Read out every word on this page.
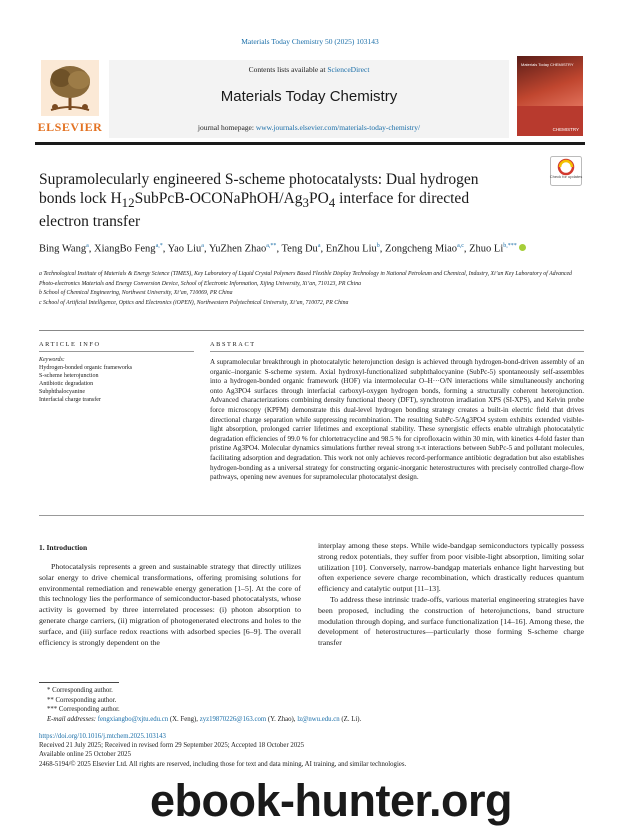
Materials Today Chemistry 50 (2025) 103143
ELSEVIER
Contents lists available at ScienceDirect
Materials Today Chemistry
journal homepage: www.journals.elsevier.com/materials-today-chemistry/
Materials Today CHEMISTRY
CHEMISTRY
Supramolecularly engineered S-scheme photocatalysts: Dual hydrogen bonds lock $H_{12}SubPcB-OCONaPhOH/Ag_3PO_4$ interface for directed electron transfer
Check for updates
Bing Wang$^a$, XiangBo Feng$^{a,*}$, Yao Liu$^a$, YuZhen Zhao$^{a,**}$, Teng Du$^a$, EnZhou Liu$^b$, Zongcheng Miao$^{a,c}$, Zhuo $Li^{b,***}$
a Technological Institute of Materials & Energy Science (TIMES), Key Laboratory of Liquid Crystal Polymers Based Flexible Display Technology in National Petroleum and Chemical, Industry, Xi’an Key Laboratory of Advanced Photo-electronics Materials and Energy Conversion Device, School of Electronic Information, Xijing University, Xi’an, 710123, PR China
b School of Chemical Engineering, Northwest University, Xi’an, 710069, PR China
c School of Artificial Intelligence, Optics and Electronics (iOPEN), Northwestern Polytechnical University, Xi’an, 710072, PR China
ARTICLE INFO	ABSTRACT
Keywords:
Hydrogen-bonded organic frameworks
S-scheme heterojunction
Antibiotic degradation
Subphthalocyanine
Interfacial charge transfer
A supramolecular breakthrough in photocatalytic heterojunction design is achieved through hydrogen-bond-driven assembly of an organic–inorganic S-scheme system. Axial hydroxyl-functionalized subphthalocyanine (SubPc-5) spontaneously self-assembles into a hydrogen-bonded organic framework (HOF) via intermolecular O–H···O/N interactions while simultaneously anchoring onto Ag3PO4 surfaces through interfacial carboxyl-oxygen hydrogen bonds, forming a structurally coherent heterojunction. Advanced characterizations combining density functional theory (DFT), synchrotron irradiation XPS (SI-XPS), and Kelvin probe force microscopy (KPFM) demonstrate this dual-level hydrogen bonding strategy creates a built-in electric field that drives directional charge separation while suppressing recombination. The resulting SubPc-5/Ag3PO4 system exhibits extended visible-light absorption, prolonged carrier lifetimes and exceptional stability. These synergistic effects enable ultrahigh photocatalytic degradation efficiencies of 99.0 % for chlortetracycline and 98.5 % for ciprofloxacin within 30 min, with kinetics 4-fold faster than pristine Ag3PO4. Molecular dynamics simulations further reveal strong π-π interactions between SubPc-5 and pollutant molecules, facilitating adsorption and degradation. This work not only achieves record-performance antibiotic degradation but also establishes hydrogen-bonding as a universal strategy for constructing organic-inorganic heterostructures with precisely controlled charge-flow pathways, opening new avenues for supramolecular photocatalyst design.
1. Introduction

Photocatalysis represents a green and sustainable strategy that directly utilizes solar energy to drive chemical transformations, offering promising solutions for environmental remediation and renewable energy generation [1–5]. At the core of this technology lies the performance of semiconductor-based photocatalysts, whose activity is governed by three interrelated processes: (i) photon absorption to generate charge carriers, (ii) migration of photogenerated electrons and holes to the surface, and (iii) surface redox reactions with adsorbed species [6–9]. The overall efficiency is strongly dependent on the

interplay among these steps. While wide-bandgap semiconductors typically possess strong redox potentials, they suffer from poor visible-light absorption, limiting solar utilization [10]. Conversely, narrow-bandgap materials enhance light harvesting but often experience severe charge recombination, which drastically reduces quantum efficiency and catalytic output [11–13].

To address these intrinsic trade-offs, various material engineering strategies have been proposed, including the construction of heterojunctions, band structure modulation through doping, and surface functionalization [14–16]. Among these, the development of heterostructures—particularly those forming S-scheme charge transfer

* Corresponding author.
** Corresponding author.
*** Corresponding author.
E-mail addresses: fengxiangbo@xjtu.edu.cn (X. Feng), zyz19870226@163.com (Y. Zhao), lz@nwu.edu.cn (Z. Li).
https://doi.org/10.1016/j.mtchem.2025.103143
Received 21 July 2025; Received in revised form 29 September 2025; Accepted 18 October 2025
Available online 25 October 2025
2468-5194/© 2025 Elsevier Ltd. All rights are reserved, including those for text and data mining, AI training, and similar technologies.
ebook-hunter.org
